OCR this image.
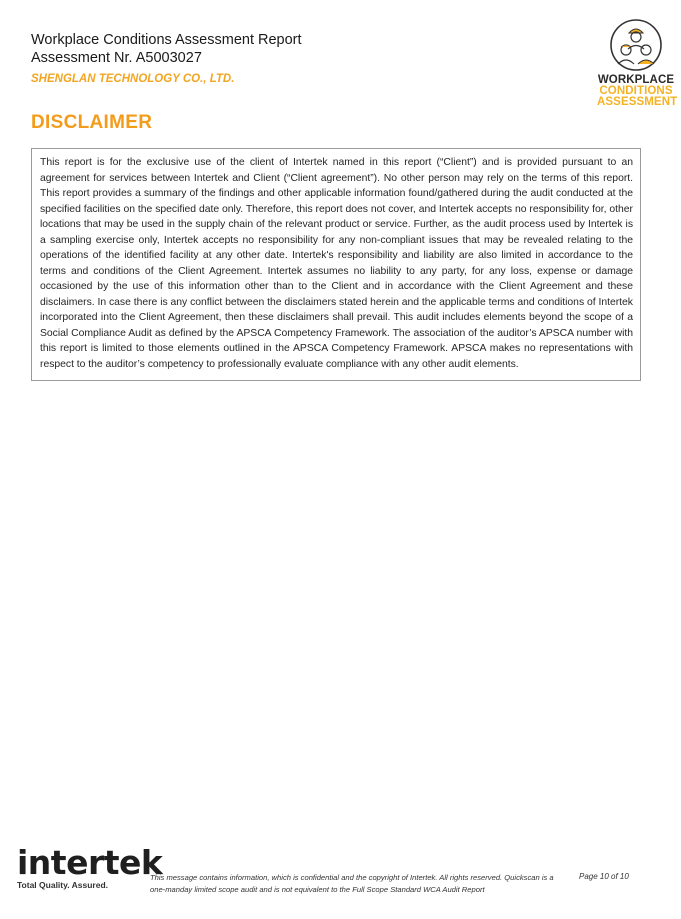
Workplace Conditions Assessment Report
Assessment Nr. A5003027
SHENGLAN TECHNOLOGY CO., LTD.	WORKPLACE
CONDITIONS
ASSESSMENT
DISCLAIMER

This report is for the exclusive use of the client of Intertek named in this report (“Client”) and is provided pursuant to an agreement for services between Intertek and Client (“Client agreement”). No other person may rely on the terms of this report. This report provides a summary of the findings and other applicable information found/gathered during the audit conducted at the specified facilities on the specified date only. Therefore, this report does not cover, and Intertek accepts no responsibility for, other locations that may be used in the supply chain of the relevant product or service. Further, as the audit process used by Intertek is a sampling exercise only, Intertek accepts no responsibility for any non-compliant issues that may be revealed relating to the operations of the identified facility at any other date. Intertek's responsibility and liability are also limited in accordance to the terms and conditions of the Client Agreement. Intertek assumes no liability to any party, for any loss, expense or damage occasioned by the use of this information other than to the Client and in accordance with the Client Agreement and these disclaimers. In case there is any conflict between the disclaimers stated herein and the applicable terms and conditions of Intertek incorporated into the Client Agreement, then these disclaimers shall prevail. This audit includes elements beyond the scope of a Social Compliance Audit as defined by the APSCA Competency Framework. The association of the auditor’s APSCA number with this report is limited to those elements outlined in the APSCA Competency Framework. APSCA makes no representations with respect to the auditor’s competency to professionally evaluate compliance with any other audit elements.

intertek
Total Quality. Assured.
This message contains information, which is confidential and the copyright of Intertek. All rights reserved. Quickscan is a one-manday limited scope audit and is not equivalent to the Full Scope Standard WCA Audit Report
Page 10 of 10
